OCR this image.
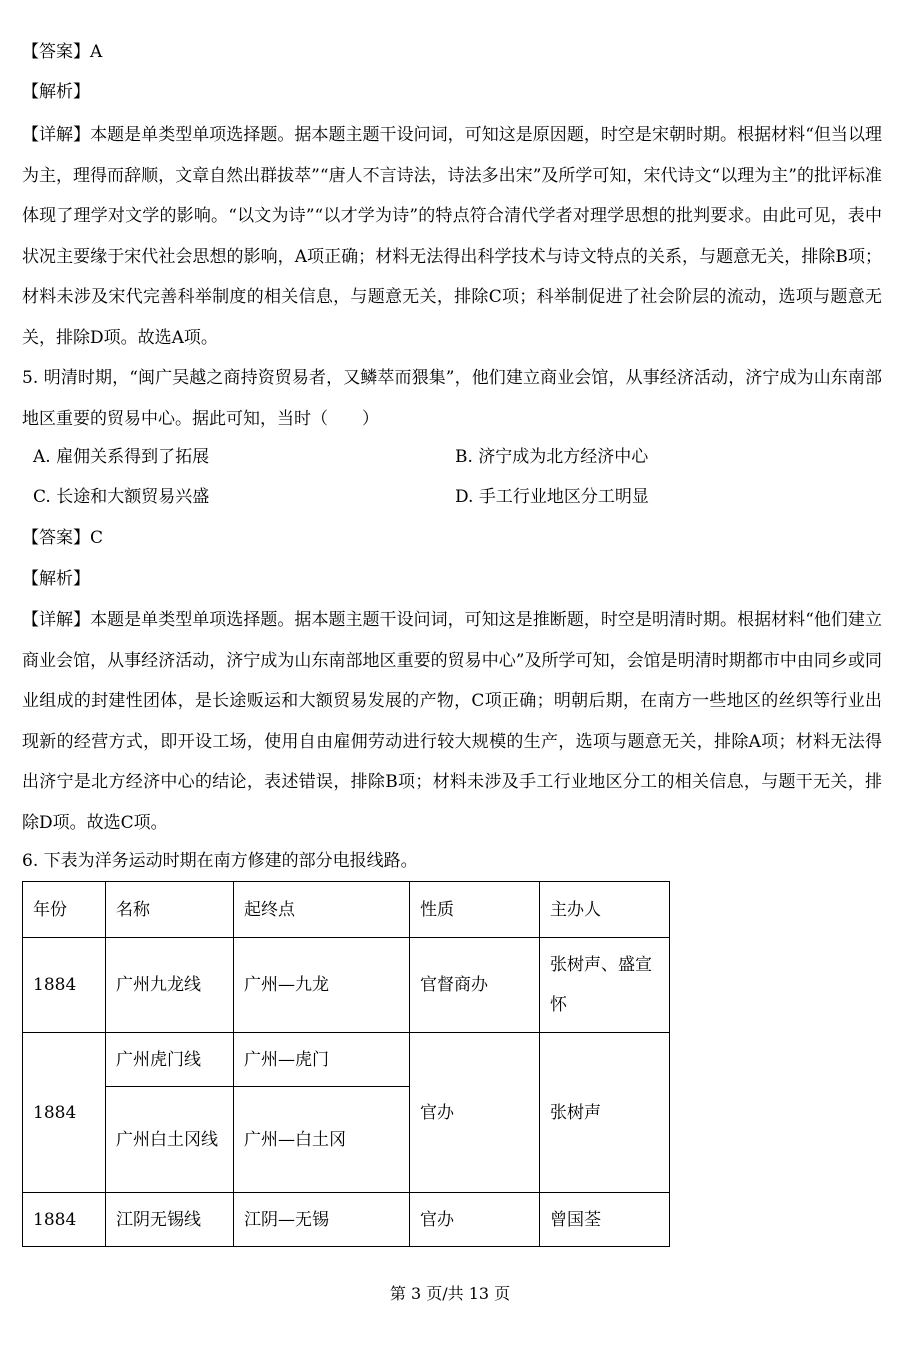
【答案】A
【解析】
【详解】本题是单类型单项选择题。据本题主题干设问词，可知这是原因题，时空是宋朝时期。根据材料“但当以理为主，理得而辞顺，文章自然出群拔萃”“唐人不言诗法，诗法多出宋”及所学可知，宋代诗文“以理为主”的批评标准体现了理学对文学的影响。“以文为诗”“以才学为诗”的特点符合清代学者对理学思想的批判要求。由此可见，表中状况主要缘于宋代社会思想的影响，A项正确；材料无法得出科学技术与诗文特点的关系，与题意无关，排除B项；材料未涉及宋代完善科举制度的相关信息，与题意无关，排除C项；科举制促进了社会阶层的流动，选项与题意无关，排除D项。故选A项。
5. 明清时期，“闽广吴越之商持资贸易者，又鳞萃而猥集”，他们建立商业会馆，从事经济活动，济宁成为山东南部地区重要的贸易中心。据此可知，当时（　　）
A. 雇佣关系得到了拓展	B. 济宁成为北方经济中心
C. 长途和大额贸易兴盛	D. 手工行业地区分工明显
【答案】C
【解析】
【详解】本题是单类型单项选择题。据本题主题干设问词，可知这是推断题，时空是明清时期。根据材料“他们建立商业会馆，从事经济活动，济宁成为山东南部地区重要的贸易中心”及所学可知，会馆是明清时期都市中由同乡或同业组成的封建性团体，是长途贩运和大额贸易发展的产物，C项正确；明朝后期，在南方一些地区的丝织等行业出现新的经营方式，即开设工场，使用自由雇佣劳动进行较大规模的生产，选项与题意无关，排除A项；材料无法得出济宁是北方经济中心的结论，表述错误，排除B项；材料未涉及手工行业地区分工的相关信息，与题干无关，排除D项。故选C项。
6. 下表为洋务运动时期在南方修建的部分电报线路。
年份	名称	起终点	性质	主办人
1884	广州九龙线	广州—九龙	官督商办	张树声、盛宣怀
1884	广州虎门线	广州—虎门	官办	张树声
	广州白土冈线	广州—白土冈		
1884	江阴无锡线	江阴—无锡	官办	曾国荃
第 3 页/共 13 页
